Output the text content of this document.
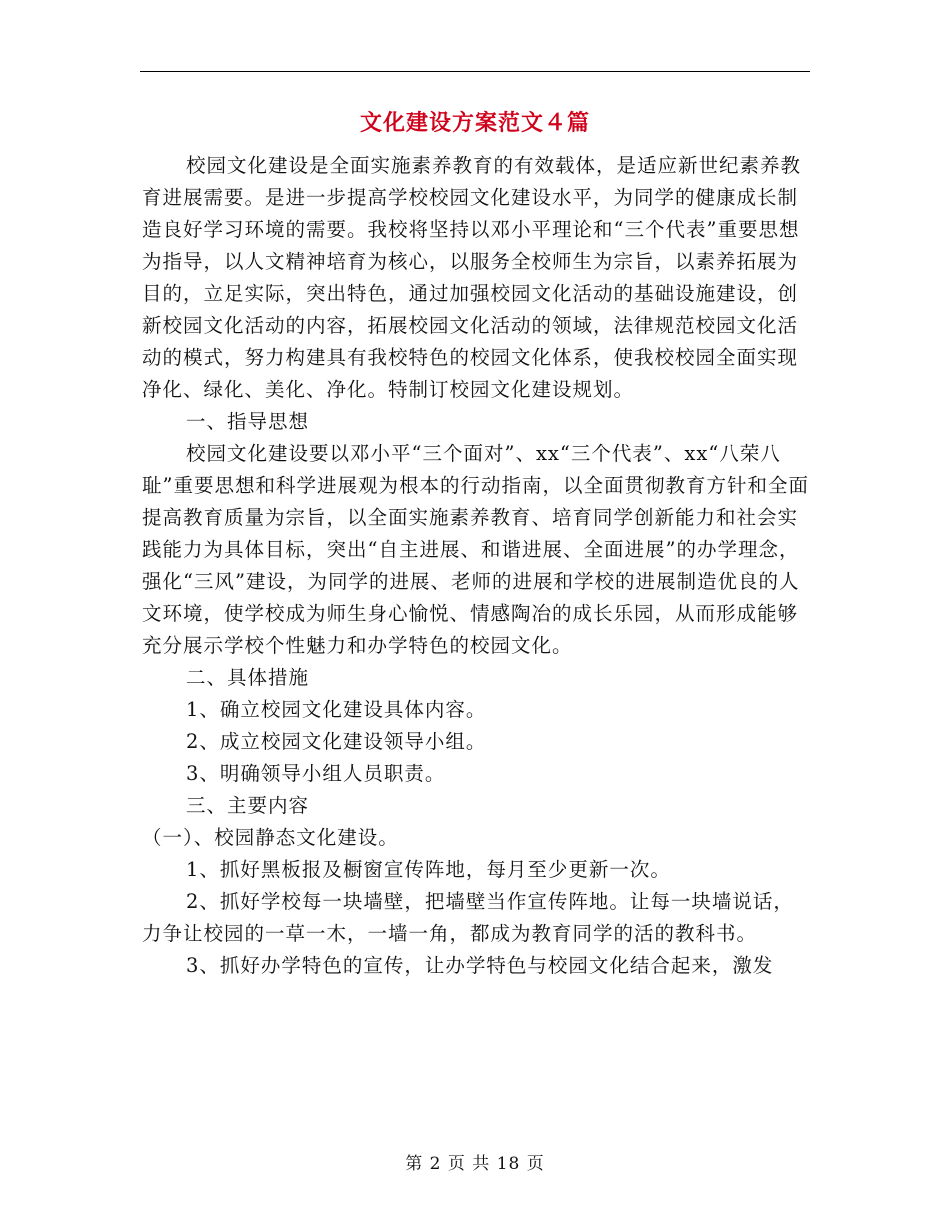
文化建设方案范文４篇

校园文化建设是全面实施素养教育的有效载体，是适应新世纪素养教育进展需要。是进一步提高学校校园文化建设水平，为同学的健康成长制造良好学习环境的需要。我校将坚持以邓小平理论和“三个代表”重要思想为指导，以人文精神培育为核心，以服务全校师生为宗旨，以素养拓展为目的，立足实际，突出特色，通过加强校园文化活动的基础设施建设，创新校园文化活动的内容，拓展校园文化活动的领域，法律规范校园文化活动的模式，努力构建具有我校特色的校园文化体系，使我校校园全面实现净化、绿化、美化、净化。特制订校园文化建设规划。

一、指导思想

校园文化建设要以邓小平“三个面对”、xx“三个代表”、xx“八荣八耻”重要思想和科学进展观为根本的行动指南，以全面贯彻教育方针和全面提高教育质量为宗旨，以全面实施素养教育、培育同学创新能力和社会实践能力为具体目标，突出“自主进展、和谐进展、全面进展”的办学理念，强化“三风”建设，为同学的进展、老师的进展和学校的进展制造优良的人文环境，使学校成为师生身心愉悦、情感陶冶的成长乐园，从而形成能够充分展示学校个性魅力和办学特色的校园文化。

二、具体措施

1、确立校园文化建设具体内容。

2、成立校园文化建设领导小组。

3、明确领导小组人员职责。

三、主要内容

（一）、校园静态文化建设。

1、抓好黑板报及橱窗宣传阵地，每月至少更新一次。

2、抓好学校每一块墙壁，把墙壁当作宣传阵地。让每一块墙说话，力争让校园的一草一木，一墙一角，都成为教育同学的活的教科书。

3、抓好办学特色的宣传，让办学特色与校园文化结合起来，激发

第 2 页 共 18 页
